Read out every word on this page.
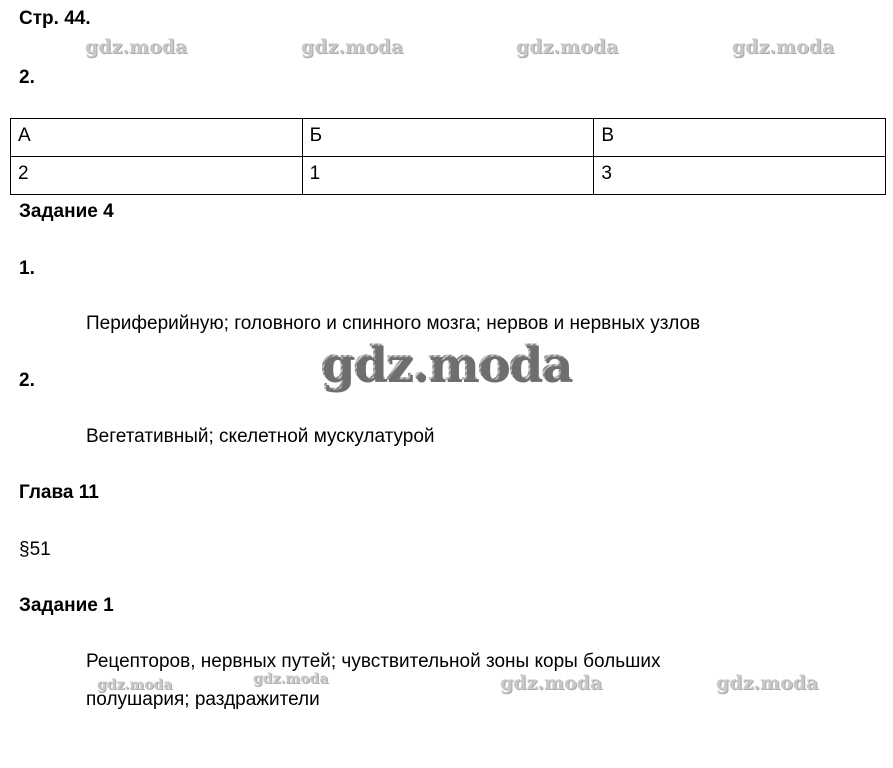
Стр. 44.
gdz.moda	gdz.moda	gdz.moda	gdz.moda
2.
А	Б	В
2	1	3
Задание 4
1.
Периферийную; головного и спинного мозга; нервов и нервных узлов
gdz.moda
2.
Вегетативный; скелетной мускулатурой
Глава 11
§51
Задание 1
Рецепторов, нервных путей; чувствительной зоны коры больших
gdz.moda	gdz.moda	gdz.moda	gdz.moda
полушария; раздражители
